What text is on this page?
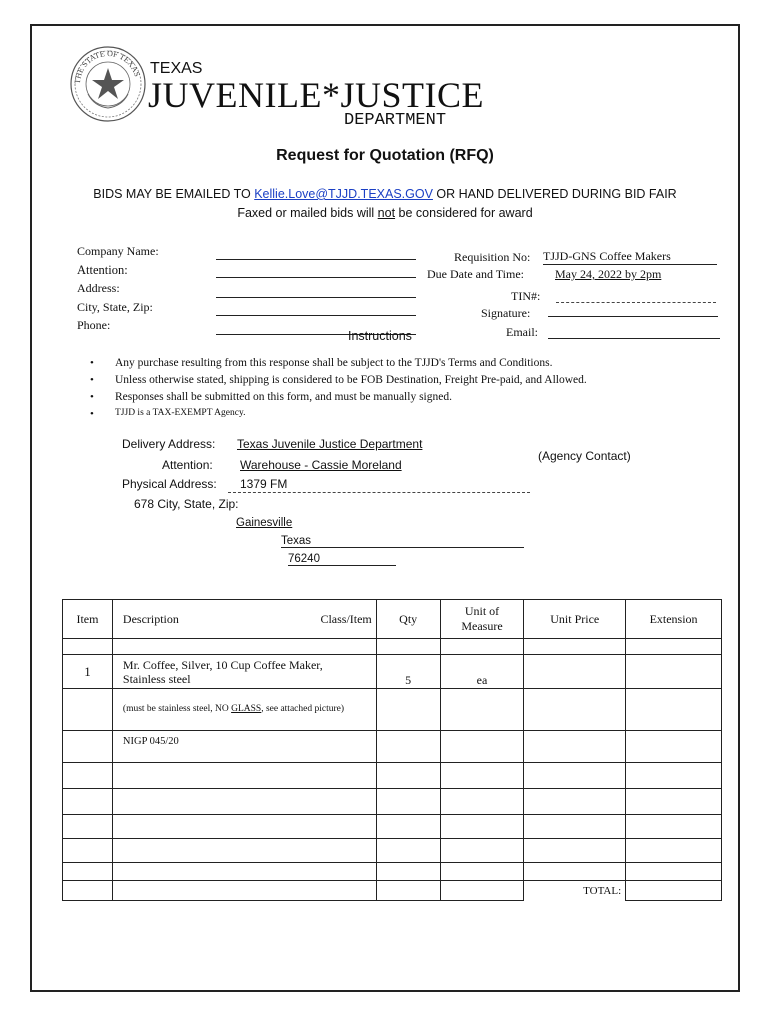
THE STATE OF TEXAS TEXAS
JUVENILE*JUSTICE
DEPARTMENT
Request for Quotation (RFQ)
BIDS MAY BE EMAILED TO Kellie.Love@TJJD.TEXAS.GOV OR HAND DELIVERED DURING BID FAIR
Faxed or mailed bids will not be considered for award
Company Name:
Attention:
Address:
City, State, Zip:
Phone:
Requisition No: TJJD-GNS Coffee Makers
Due Date and Time:	May 24, 2022 by 2pm
TIN#:
Signature:
Email:
Instructions
• Any purchase resulting from this response shall be subject to the TJJD's Terms and Conditions.
• Unless otherwise stated, shipping is considered to be FOB Destination, Freight Pre-paid, and Allowed.
• Responses shall be submitted on this form, and must be manually signed.
• TJJD is a TAX-EXEMPT Agency.
Delivery Address: Texas Juvenile Justice Department
Attention: Warehouse - Cassie Moreland
(Agency Contact)
Physical Address: 1379 FM
678 City, State, Zip:
Gainesville
Texas
76240
Item	Description Class/Item	Qty	Unit of Measure	Unit Price	Extension

1	Mr. Coffee, Silver, 10 Cup Coffee Maker, Stainless steel	5	ea		
	(must be stainless steel, NO GLASS, see attached picture)				
	NIGP 045/20				

				TOTAL:	
